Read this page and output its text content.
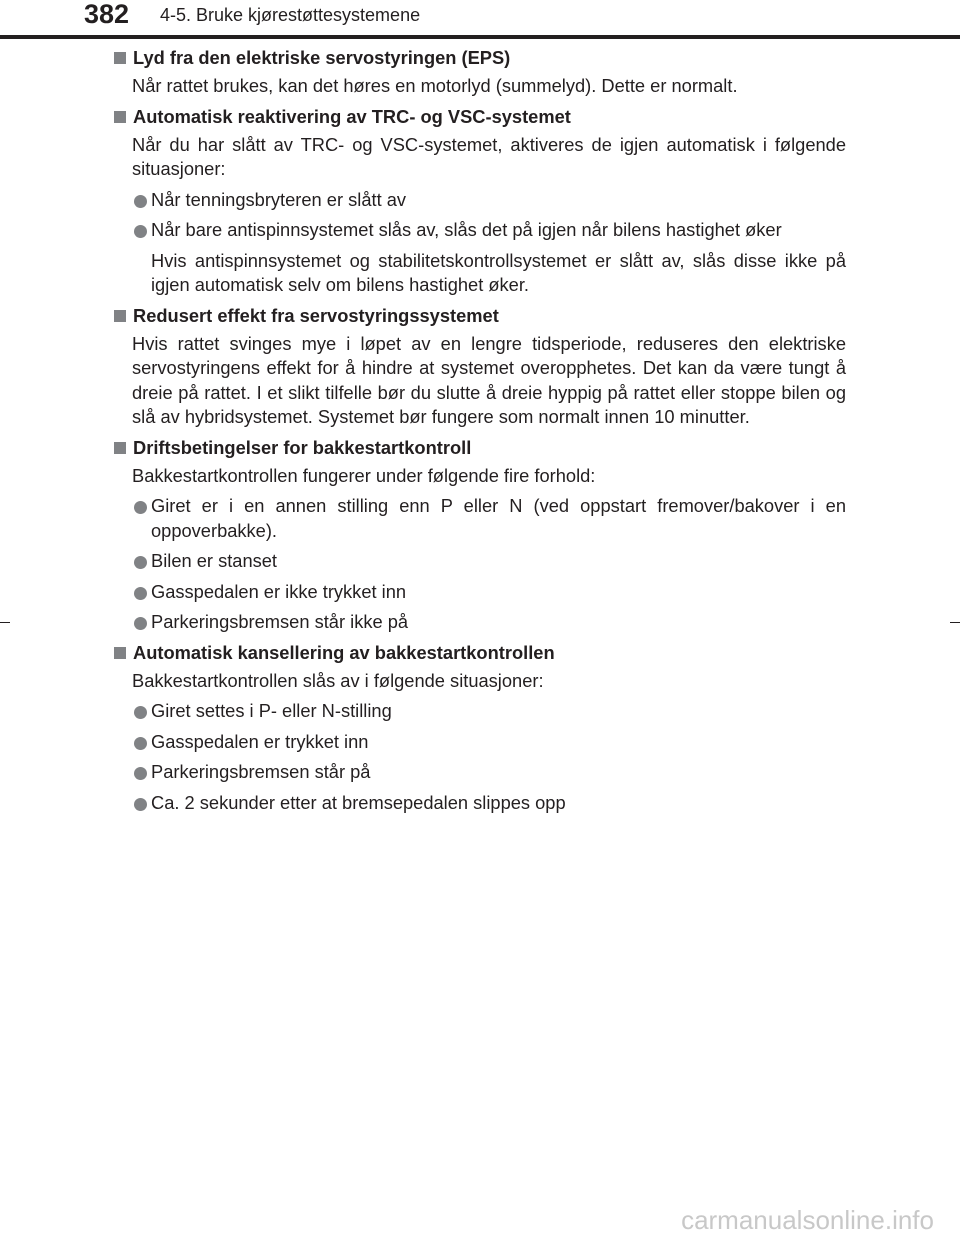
382 4-5. Bruke kjørestøttesystemene
Lyd fra den elektriske servostyringen (EPS)
Når rattet brukes, kan det høres en motorlyd (summelyd). Dette er normalt.
Automatisk reaktivering av TRC- og VSC-systemet
Når du har slått av TRC- og VSC-systemet, aktiveres de igjen automatisk i følgende situasjoner:
Når tenningsbryteren er slått av
Når bare antispinnsystemet slås av, slås det på igjen når bilens hastighet øker
Hvis antispinnsystemet og stabilitetskontrollsystemet er slått av, slås disse ikke på igjen automatisk selv om bilens hastighet øker.
Redusert effekt fra servostyringssystemet
Hvis rattet svinges mye i løpet av en lengre tidsperiode, reduseres den elektriske servostyringens effekt for å hindre at systemet overopphetes. Det kan da være tungt å dreie på rattet. I et slikt tilfelle bør du slutte å dreie hyppig på rattet eller stoppe bilen og slå av hybridsystemet. Systemet bør fungere som normalt innen 10 minutter.
Driftsbetingelser for bakkestartkontroll
Bakkestartkontrollen fungerer under følgende fire forhold:
Giret er i en annen stilling enn P eller N (ved oppstart fremover/bakover i en oppoverbakke).
Bilen er stanset
Gasspedalen er ikke trykket inn
Parkeringsbremsen står ikke på
Automatisk kansellering av bakkestartkontrollen
Bakkestartkontrollen slås av i følgende situasjoner:
Giret settes i P- eller N-stilling
Gasspedalen er trykket inn
Parkeringsbremsen står på
Ca. 2 sekunder etter at bremsepedalen slippes opp
carmanualsonline.info
